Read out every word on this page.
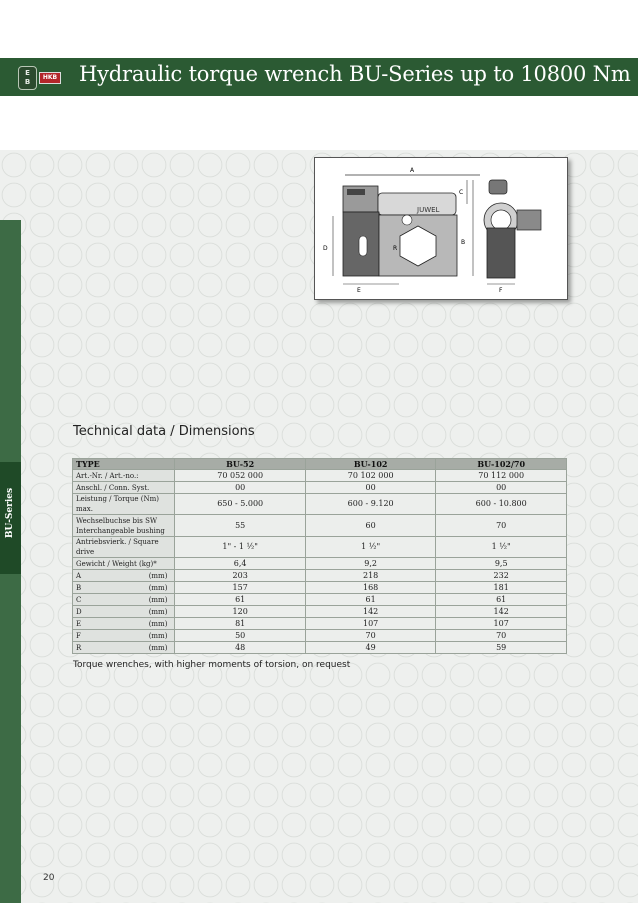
E
B	HKB Hydraulic torque wrench BU-Series up to 10800 Nm
BU-Series
A
JUWEL
D
E
R
C
B
F
Technical data / Dimensions
TYPE	BU-52	BU-102	BU-102/70
Art.-Nr. / Art.-no.:	70 052 000	70 102 000	70 112 000
Anschl. / Conn. Syst.	00	00	00
Leistung / Torque (Nm) max.	650 - 5.000	600 - 9.120	600 - 10.800
Wechselbuchse bis SW Interchangeable bushing	55	60	70
Antriebsvierk. / Square drive	1" - 1 ½"	1 ½"	1 ½"
Gewicht / Weight (kg)*	6,4	9,2	9,5
A (mm)	203	218	232
B (mm)	157	168	181
C (mm)	61	61	61
D (mm)	120	142	142
E (mm)	81	107	107
F (mm)	50	70	70
R (mm)	48	49	59
Torque wrenches, with higher moments of torsion, on request
20
